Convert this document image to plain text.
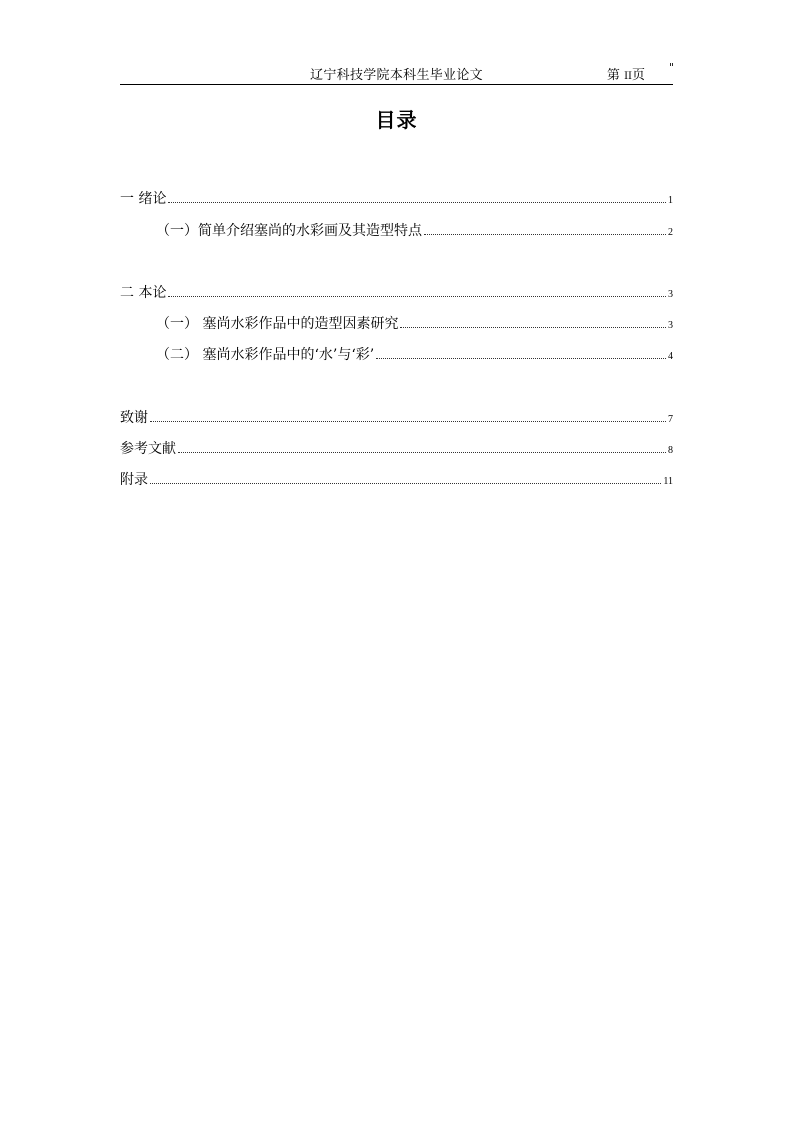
辽宁科技学院本科生毕业论文	第 II页
"
目录
一 绪论	1
（一）简单介绍塞尚的水彩画及其造型特点	2
二 本论	3
（一） 塞尚水彩作品中的造型因素研究	3
（二） 塞尚水彩作品中的‘水’与‘彩’	4
致谢	7
参考文献	8
附录	11
